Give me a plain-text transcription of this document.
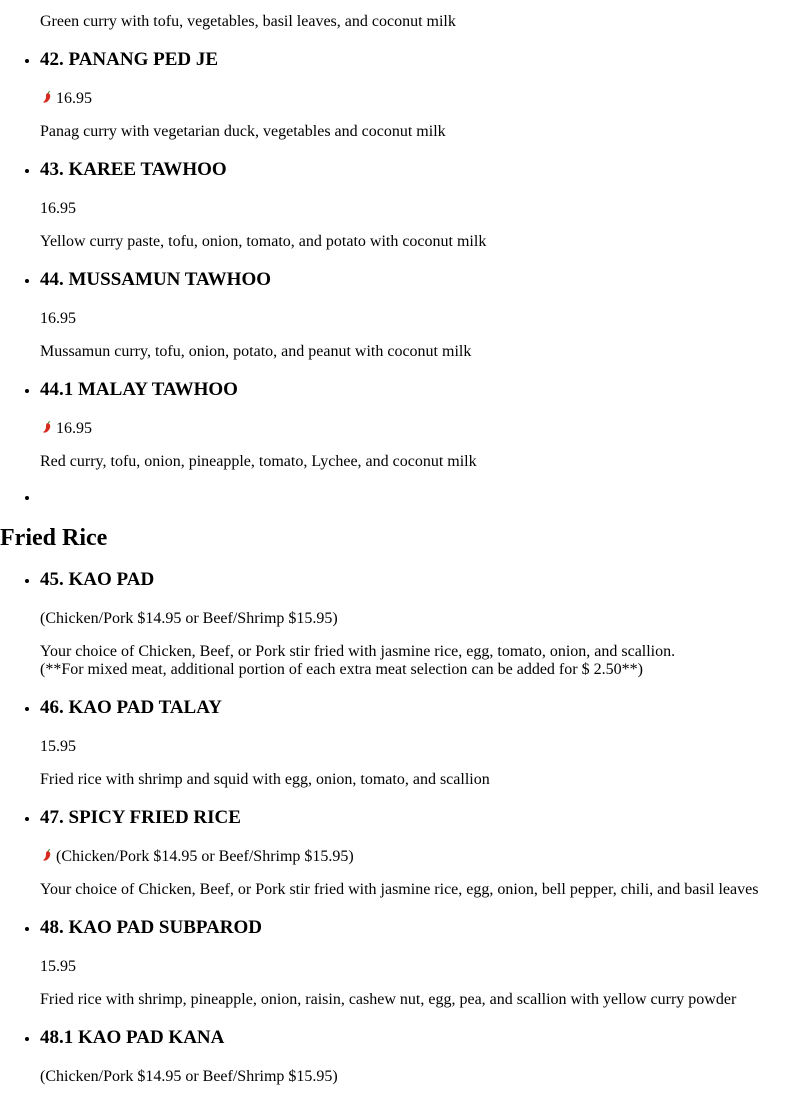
Green curry with tofu, vegetables, basil leaves, and coconut milk

• 42. PANANG PED JE

16.95

Panag curry with vegetarian duck, vegetables and coconut milk

• 43. KAREE TAWHOO

16.95

Yellow curry paste, tofu, onion, tomato, and potato with coconut milk

• 44. MUSSAMUN TAWHOO

16.95

Mussamun curry, tofu, onion, potato, and peanut with coconut milk

• 44.1 MALAY TAWHOO

16.95

Red curry, tofu, onion, pineapple, tomato, Lychee, and coconut milk

•
Fried Rice
• 45. KAO PAD

(Chicken/Pork $14.95 or Beef/Shrimp $15.95)

Your choice of Chicken, Beef, or Pork stir fried with jasmine rice, egg, tomato, onion, and scallion.
(**For mixed meat, additional portion of each extra meat selection can be added for $ 2.50**)

• 46. KAO PAD TALAY

15.95

Fried rice with shrimp and squid with egg, onion, tomato, and scallion

• 47. SPICY FRIED RICE

(Chicken/Pork $14.95 or Beef/Shrimp $15.95)

Your choice of Chicken, Beef, or Pork stir fried with jasmine rice, egg, onion, bell pepper, chili, and basil leaves

• 48. KAO PAD SUBPAROD

15.95

Fried rice with shrimp, pineapple, onion, raisin, cashew nut, egg, pea, and scallion with yellow curry powder

• 48.1 KAO PAD KANA

(Chicken/Pork $14.95 or Beef/Shrimp $15.95)
